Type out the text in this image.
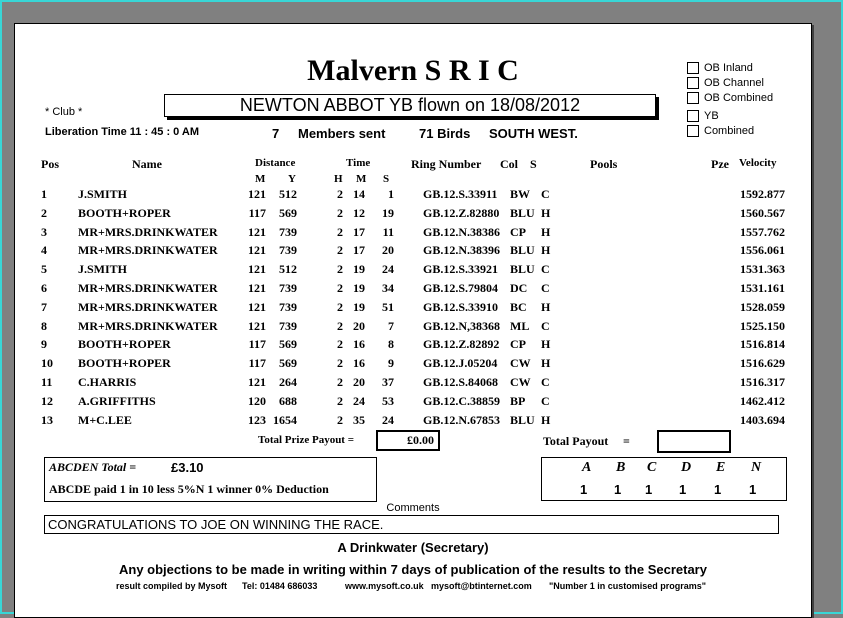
Malvern S R I C
* Club *	NEWTON ABBOT YB flown on 18/08/2012
OB Inland
OB Channel
OB Combined
YB
Combined
Liberation Time 11 : 45 : 0 AM	7 Members sent	71 Birds SOUTH WEST.
Pos	Name	Distance
M Y
Time
H M S
Ring Number Col S	Pools	Pze Velocity
1	J.SMITH	121 512	2 14 1 GB.12.S.33911 BW C	1592.877
2	BOOTH+ROPER	117 569	2 12 19 GB.12.Z.82880 BLU H	1560.567
3	MR+MRS.DRINKWATER	121 739	2 17 11 GB.12.N.38386 CP H	1557.762
4	MR+MRS.DRINKWATER	121 739	2 17 20 GB.12.N.38396 BLU H	1556.061
5	J.SMITH	121 512	2 19 24 GB.12.S.33921 BLU C	1531.363
6	MR+MRS.DRINKWATER	121 739	2 19 34 GB.12.S.79804 DC C	1531.161
7	MR+MRS.DRINKWATER	121 739	2 19 51 GB.12.S.33910 BC H	1528.059
8	MR+MRS.DRINKWATER	121 739	2 20 7 GB.12.N,38368 ML C	1525.150
9	BOOTH+ROPER	117 569	2 16 8 GB.12.Z.82892 CP H	1516.814
10 BOOTH+ROPER	117 569	2 16 9 GB.12.J.05204 CW H	1516.629
11 C.HARRIS	121 264	2 20 37 GB.12.S.84068 CW C	1516.317
12 A.GRIFFITHS	120 688	2 24 53 GB.12.C.38859 BP C	1462.412
13 M+C.LEE	123 1654	2 35 24 GB.12.N.67853 BLU H	1403.694
Total Prize Payout =	£0.00	Total Payout =
ABCDEN Total =	£3.10
ABCDE paid 1 in 10 less 5%N 1 winner 0% Deduction
A B C D E N
1 1 1 1 1 1
Comments
CONGRATULATIONS TO JOE ON WINNING THE RACE.
A Drinkwater (Secretary)
Any objections to be made in writing within 7 days of publication of the results to the Secretary
result compiled by Mysoft Tel: 01484 686033	www.mysoft.co.uk mysoft@btinternet.com "Number 1 in customised programs"
